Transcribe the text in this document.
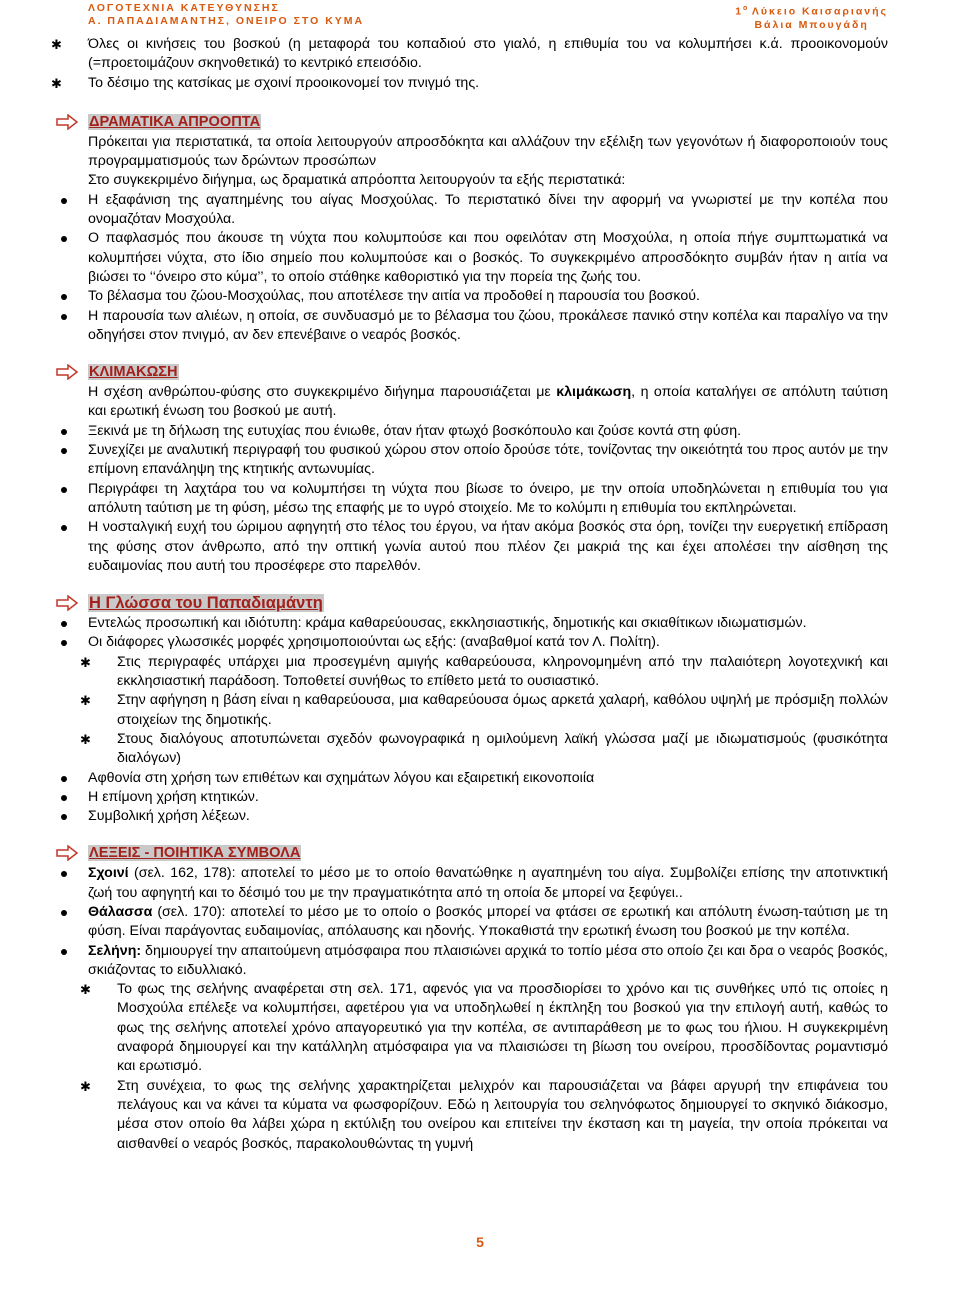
ΛΟΓΟΤΕΧΝΙΑ ΚΑΤΕΥΘΥΝΣΗΣ
Α. ΠΑΠΑΔΙΑΜΑΝΤΗΣ, ΟΝΕΙΡΟ ΣΤΟ ΚΥΜΑ
$1^o$ Λύκειο Καισαριανής
Βάλια Μπουγάδη
✱	Όλες οι κινήσεις του βοσκού (η μεταφορά του κοπαδιού στο γιαλό, η επιθυμία του να κολυμπήσει κ.ά. προοικονομούν (=προετοιμάζουν σκηνοθετικά) το κεντρικό επεισόδιο.
✱	Το δέσιμο της κατσίκας με σχοινί προοικονομεί τον πνιγμό της.
ΔΡΑΜΑΤΙΚΑ ΑΠΡΟΟΠΤΑ
Πρόκειται για περιστατικά, τα οποία λειτουργούν απροσδόκητα και αλλάζουν την εξέλιξη των γεγονότων ή διαφοροποιούν τους προγραμματισμούς των δρώντων προσώπων
Στο συγκεκριμένο διήγημα, ως δραματικά απρόοπτα λειτουργούν τα εξής περιστατικά:
Η εξαφάνιση της αγαπημένης του αίγας Μοσχούλας. Το περιστατικό δίνει την αφορμή να γνωριστεί με την κοπέλα που ονομαζόταν Μοσχούλα.
Ο παφλασμός που άκουσε τη νύχτα που κολυμπούσε και που οφειλόταν στη Μοσχούλα, η οποία πήγε συμπτωματικά να κολυμπήσει νύχτα, στο ίδιο σημείο που κολυμπούσε και ο βοσκός. Το συγκεκριμένο απροσδόκητο συμβάν ήταν η αιτία να βιώσει το ‘‘όνειρο στο κύμα’’, το οποίο στάθηκε καθοριστικό για την πορεία της ζωής του.
Το βέλασμα του ζώου-Μοσχούλας, που αποτέλεσε την αιτία να προδοθεί η παρουσία του βοσκού.
Η παρουσία των αλιέων, η οποία, σε συνδυασμό με το βέλασμα του ζώου, προκάλεσε πανικό στην κοπέλα και παραλίγο να την οδηγήσει στον πνιγμό, αν δεν επενέβαινε ο νεαρός βοσκός.
ΚΛΙΜΑΚΩΣΗ
Η σχέση ανθρώπου-φύσης στο συγκεκριμένο διήγημα παρουσιάζεται με κλιμάκωση, η οποία καταλήγει σε απόλυτη ταύτιση και ερωτική ένωση του βοσκού με αυτή.
Ξεκινά με τη δήλωση της ευτυχίας που ένιωθε, όταν ήταν φτωχό βοσκόπουλο και ζούσε κοντά στη φύση.
Συνεχίζει με αναλυτική περιγραφή του φυσικού χώρου στον οποίο δρούσε τότε, τονίζοντας την οικειότητά του προς αυτόν με την επίμονη επανάληψη της κτητικής αντωνυμίας.
Περιγράφει τη λαχτάρα του να κολυμπήσει τη νύχτα που βίωσε το όνειρο, με την οποία υποδηλώνεται η επιθυμία του για απόλυτη ταύτιση με τη φύση, μέσω της επαφής με το υγρό στοιχείο. Με το κολύμπι η επιθυμία του εκπληρώνεται.
Η νοσταλγική ευχή του ώριμου αφηγητή στο τέλος του έργου, να ήταν ακόμα βοσκός στα όρη, τονίζει την ευεργετική επίδραση της φύσης στον άνθρωπο, από την οπτική γωνία αυτού που πλέον ζει μακριά της και έχει απολέσει την αίσθηση της ευδαιμονίας που αυτή του προσέφερε στο παρελθόν.
Η Γλώσσα του Παπαδιαμάντη
Εντελώς προσωπική και ιδιότυπη: κράμα καθαρεύουσας, εκκλησιαστικής, δημοτικής και σκιαθίτικων ιδιωματισμών.
Οι διάφορες γλωσσικές μορφές χρησιμοποιούνται ως εξής: (αναβαθμοί κατά τον Λ. Πολίτη).
✱	Στις περιγραφές υπάρχει μια προσεγμένη αμιγής καθαρεύουσα, κληρονομημένη από την παλαιότερη λογοτεχνική και εκκλησιαστική παράδοση. Τοποθετεί συνήθως το επίθετο μετά το ουσιαστικό.
✱	Στην αφήγηση η βάση είναι η καθαρεύουσα, μια καθαρεύουσα όμως αρκετά χαλαρή, καθόλου υψηλή με πρόσμιξη πολλών στοιχείων της δημοτικής.
✱	Στους διαλόγους αποτυπώνεται σχεδόν φωνογραφικά η ομιλούμενη λαϊκή γλώσσα μαζί με ιδιωματισμούς (φυσικότητα διαλόγων)
Αφθονία στη χρήση των επιθέτων και σχημάτων λόγου και εξαιρετική εικονοποιία
Η επίμονη χρήση κτητικών.
Συμβολική χρήση λέξεων.
ΛΕΞΕΙΣ - ΠΟΙΗΤΙΚΑ ΣΥΜΒΟΛΑ
Σχοινί (σελ. 162, 178): αποτελεί το μέσο με το οποίο θανατώθηκε η αγαπημένη του αίγα. Συμβολίζει επίσης την αποτινκτική ζωή του αφηγητή και το δέσιμό του με την πραγματικότητα από τη οποία δε μπορεί να ξεφύγει..
Θάλασσα (σελ. 170): αποτελεί το μέσο με το οποίο ο βοσκός μπορεί να φτάσει σε ερωτική και απόλυτη ένωση-ταύτιση με τη φύση. Είναι παράγοντας ευδαιμονίας, απόλαυσης και ηδονής. Υποκαθιστά την ερωτική ένωση του βοσκού με την κοπέλα.
Σελήνη: δημιουργεί την απαιτούμενη ατμόσφαιρα που πλαισιώνει αρχικά το τοπίο μέσα στο οποίο ζει και δρα ο νεαρός βοσκός, σκιάζοντας το ειδυλλιακό.
✱	Το φως της σελήνης αναφέρεται στη σελ. 171, αφενός για να προσδιορίσει το χρόνο και τις συνθήκες υπό τις οποίες η Μοσχούλα επέλεξε να κολυμπήσει, αφετέρου για να υποδηλωθεί η έκπληξη του βοσκού για την επιλογή αυτή, καθώς το φως της σελήνης αποτελεί χρόνο απαγορευτικό για την κοπέλα, σε αντιπαράθεση με το φως του ήλιου. Η συγκεκριμένη αναφορά δημιουργεί και την κατάλληλη ατμόσφαιρα για να πλαισιώσει τη βίωση του ονείρου, προσδίδοντας ρομαντισμό και ερωτισμό.
✱	Στη συνέχεια, το φως της σελήνης χαρακτηρίζεται μελιχρόν και παρουσιάζεται να βάφει αργυρή την επιφάνεια του πελάγους και να κάνει τα κύματα να φωσφορίζουν. Εδώ η λειτουργία του σεληνόφωτος δημιουργεί το σκηνικό διάκοσμο, μέσα στον οποίο θα λάβει χώρα η εκτύλιξη του ονείρου και επιτείνει την έκσταση και τη μαγεία, την οποία πρόκειται να αισθανθεί ο νεαρός βοσκός, παρακολουθώντας τη γυμνή
5
